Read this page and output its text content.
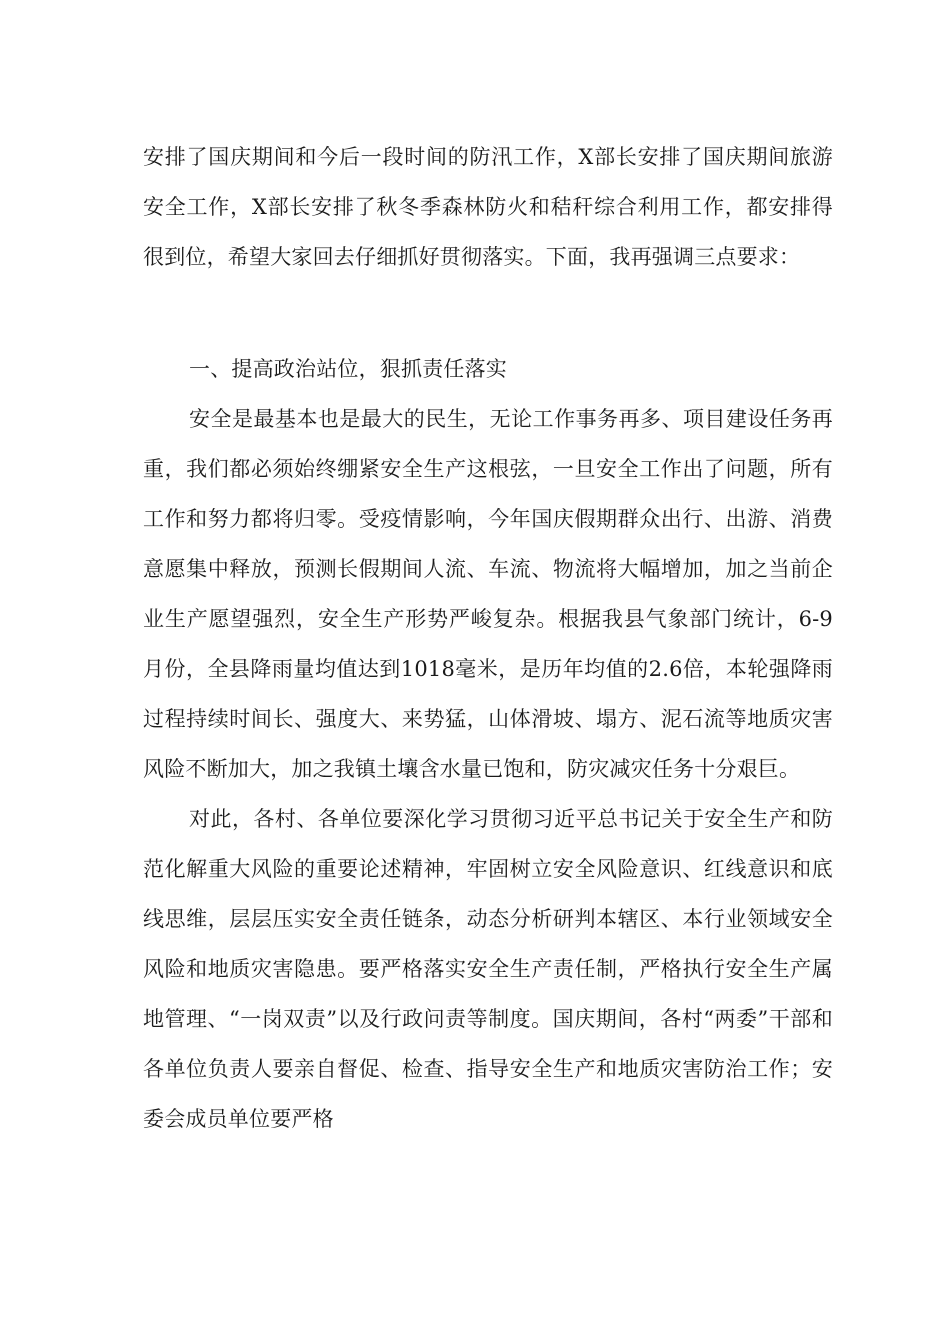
安排了国庆期间和今后一段时间的防汛工作，X部长安排了国庆期间旅游安全工作，X部长安排了秋冬季森林防火和秸秆综合利用工作，都安排得很到位，希望大家回去仔细抓好贯彻落实。下面，我再强调三点要求：

一、提高政治站位，狠抓责任落实

安全是最基本也是最大的民生，无论工作事务再多、项目建设任务再重，我们都必须始终绷紧安全生产这根弦，一旦安全工作出了问题，所有工作和努力都将归零。受疫情影响，今年国庆假期群众出行、出游、消费意愿集中释放，预测长假期间人流、车流、物流将大幅增加，加之当前企业生产愿望强烈，安全生产形势严峻复杂。根据我县气象部门统计，6-9月份，全县降雨量均值达到1018毫米，是历年均值的2.6倍，本轮强降雨过程持续时间长、强度大、来势猛，山体滑坡、塌方、泥石流等地质灾害风险不断加大，加之我镇土壤含水量已饱和，防灾减灾任务十分艰巨。

对此，各村、各单位要深化学习贯彻习近平总书记关于安全生产和防范化解重大风险的重要论述精神，牢固树立安全风险意识、红线意识和底线思维，层层压实安全责任链条，动态分析研判本辖区、本行业领域安全风险和地质灾害隐患。要严格落实安全生产责任制，严格执行安全生产属地管理、“一岗双责”以及行政问责等制度。国庆期间，各村“两委”干部和各单位负责人要亲自督促、检查、指导安全生产和地质灾害防治工作；安委会成员单位要严格
